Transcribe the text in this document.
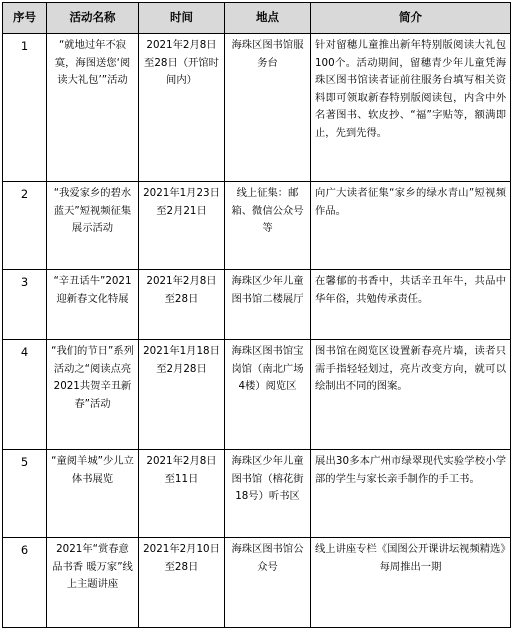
序号	活动名称	时间	地点	简介
1	“就地过年不寂寞，海图送您‘阅读大礼包’”活动	2021年2月8日至28日（开馆时间内）	海珠区图书馆服务台	针对留穗儿童推出新年特别版阅读大礼包100个。活动期间，留穗青少年儿童凭海珠区图书馆读者证前往服务台填写相关资料即可领取新春特别版阅读包，内含中外名著图书、软皮抄、“福”字贴等，额满即止，先到先得。
2	“我爱家乡的碧水蓝天”短视频征集展示活动	2021年1月23日至2月21日	线上征集：邮箱、微信公众号等	向广大读者征集“家乡的绿水青山”短视频作品。
3	“辛丑话牛”2021迎新春文化特展	2021年2月8日至28日	海珠区少年儿童图书馆二楼展厅	在馨郁的书香中，共话辛丑年牛，共品中华年俗，共勉传承责任。
4	“我们的节日”系列活动之“阅读点亮2021共贺辛丑新春”活动	2021年1月18日至2月28日	海珠区图书馆宝岗馆（南北广场4楼）阅览区	图书馆在阅览区设置新春亮片墙，读者只需手指轻轻划过，亮片改变方向，就可以绘制出不同的图案。
5	“童阅羊城”少儿立体书展览	2021年2月8日至11日	海珠区少年儿童图书馆（榕花街18号）听书区	展出30多本广州市绿翠现代实验学校小学部的学生与家长亲手制作的手工书。
6	2021年“赏春意 品书香 暖万家”线上主题讲座	2021年2月10日至28日	海珠区图书馆公众号	线上讲座专栏《国图公开课讲坛视频精选》
每周推出一期
